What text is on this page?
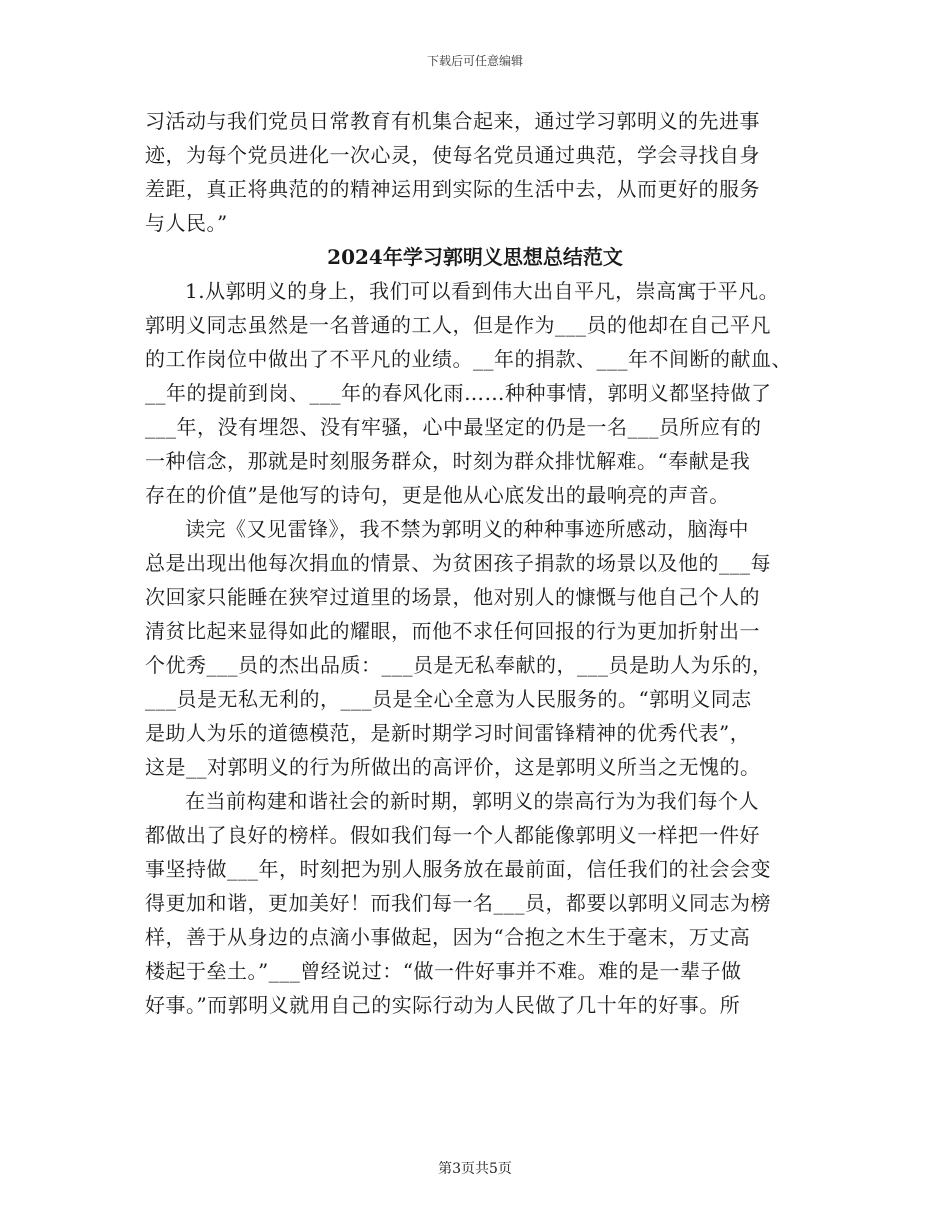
下载后可任意编辑
习活动与我们党员日常教育有机集合起来，通过学习郭明义的先进事
迹，为每个党员进化一次心灵，使每名党员通过典范，学会寻找自身
差距，真正将典范的的精神运用到实际的生活中去，从而更好的服务
与人民。”
2024年学习郭明义思想总结范文
1.从郭明义的身上，我们可以看到伟大出自平凡，崇高寓于平凡。
郭明义同志虽然是一名普通的工人，但是作为___员的他却在自己平凡
的工作岗位中做出了不平凡的业绩。__年的捐款、___年不间断的献血、
__年的提前到岗、___年的春风化雨……种种事情，郭明义都坚持做了
___年，没有埋怨、没有牢骚，心中最坚定的仍是一名___员所应有的
一种信念，那就是时刻服务群众，时刻为群众排忧解难。“奉献是我
存在的价值”是他写的诗句，更是他从心底发出的最响亮的声音。
读完《又见雷锋》，我不禁为郭明义的种种事迹所感动，脑海中
总是出现出他每次捐血的情景、为贫困孩子捐款的场景以及他的___每
次回家只能睡在狭窄过道里的场景，他对别人的慷慨与他自己个人的
清贫比起来显得如此的耀眼，而他不求任何回报的行为更加折射出一
个优秀___员的杰出品质：___员是无私奉献的，___员是助人为乐的，
___员是无私无利的，___员是全心全意为人民服务的。“郭明义同志
是助人为乐的道德模范，是新时期学习时间雷锋精神的优秀代表”，
这是__对郭明义的行为所做出的高评价，这是郭明义所当之无愧的。
在当前构建和谐社会的新时期，郭明义的崇高行为为我们每个人
都做出了良好的榜样。假如我们每一个人都能像郭明义一样把一件好
事坚持做___年，时刻把为别人服务放在最前面，信任我们的社会会变
得更加和谐，更加美好！而我们每一名___员，都要以郭明义同志为榜
样，善于从身边的点滴小事做起，因为“合抱之木生于毫末，万丈高
楼起于垒土。”___曾经说过：“做一件好事并不难。难的是一辈子做
好事。”而郭明义就用自己的实际行动为人民做了几十年的好事。所
第3页共5页
